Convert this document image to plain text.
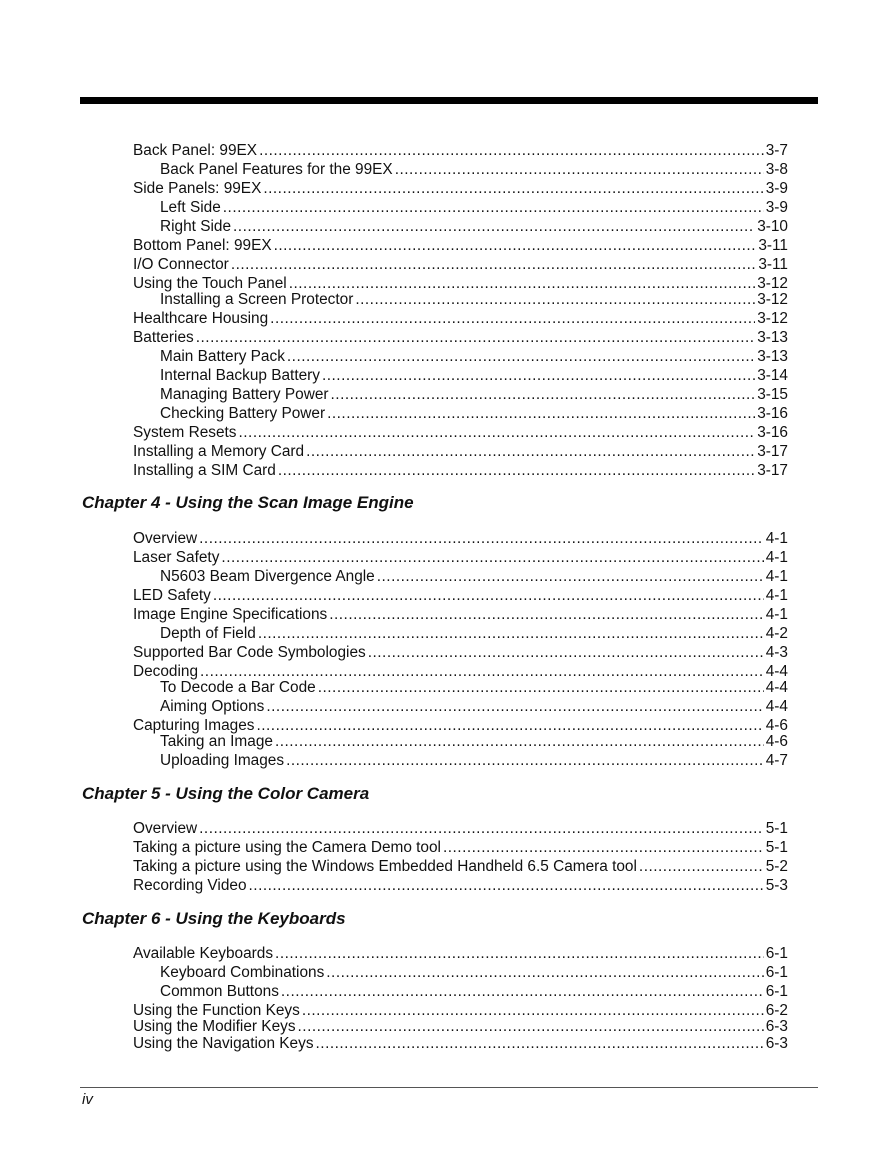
Back Panel: 99EX .....	3-7
Back Panel Features for the 99EX .....	3-8
Side Panels: 99EX .....	3-9
Left Side .....	3-9
Right Side .....	3-10
Bottom Panel: 99EX .....	3-11
I/O Connector .....	3-11
Using the Touch Panel .....	3-12
Installing a Screen Protector .....	3-12
Healthcare Housing .....	3-12
Batteries .....	3-13
Main Battery Pack .....	3-13
Internal Backup Battery .....	3-14
Managing Battery Power .....	3-15
Checking Battery Power .....	3-16
System Resets .....	3-16
Installing a Memory Card .....	3-17
Installing a SIM Card .....	3-17
Chapter 4 - Using the Scan Image Engine
Overview .....	4-1
Laser Safety .....	4-1
N5603 Beam Divergence Angle .....	4-1
LED Safety .....	4-1
Image Engine Specifications .....	4-1
Depth of Field .....	4-2
Supported Bar Code Symbologies .....	4-3
Decoding .....	4-4
To Decode a Bar Code .....	4-4
Aiming Options .....	4-4
Capturing Images .....	4-6
Taking an Image .....	4-6
Uploading Images .....	4-7
Chapter 5 - Using the Color Camera
Overview .....	5-1
Taking a picture using the Camera Demo tool .....	5-1
Taking a picture using the Windows Embedded Handheld 6.5 Camera tool .....	5-2
Recording Video .....	5-3
Chapter 6 - Using the Keyboards
Available Keyboards .....	6-1
Keyboard Combinations .....	6-1
Common Buttons .....	6-1
Using the Function Keys .....	6-2
Using the Modifier Keys .....	6-3
Using the Navigation Keys .....	6-3
iv
